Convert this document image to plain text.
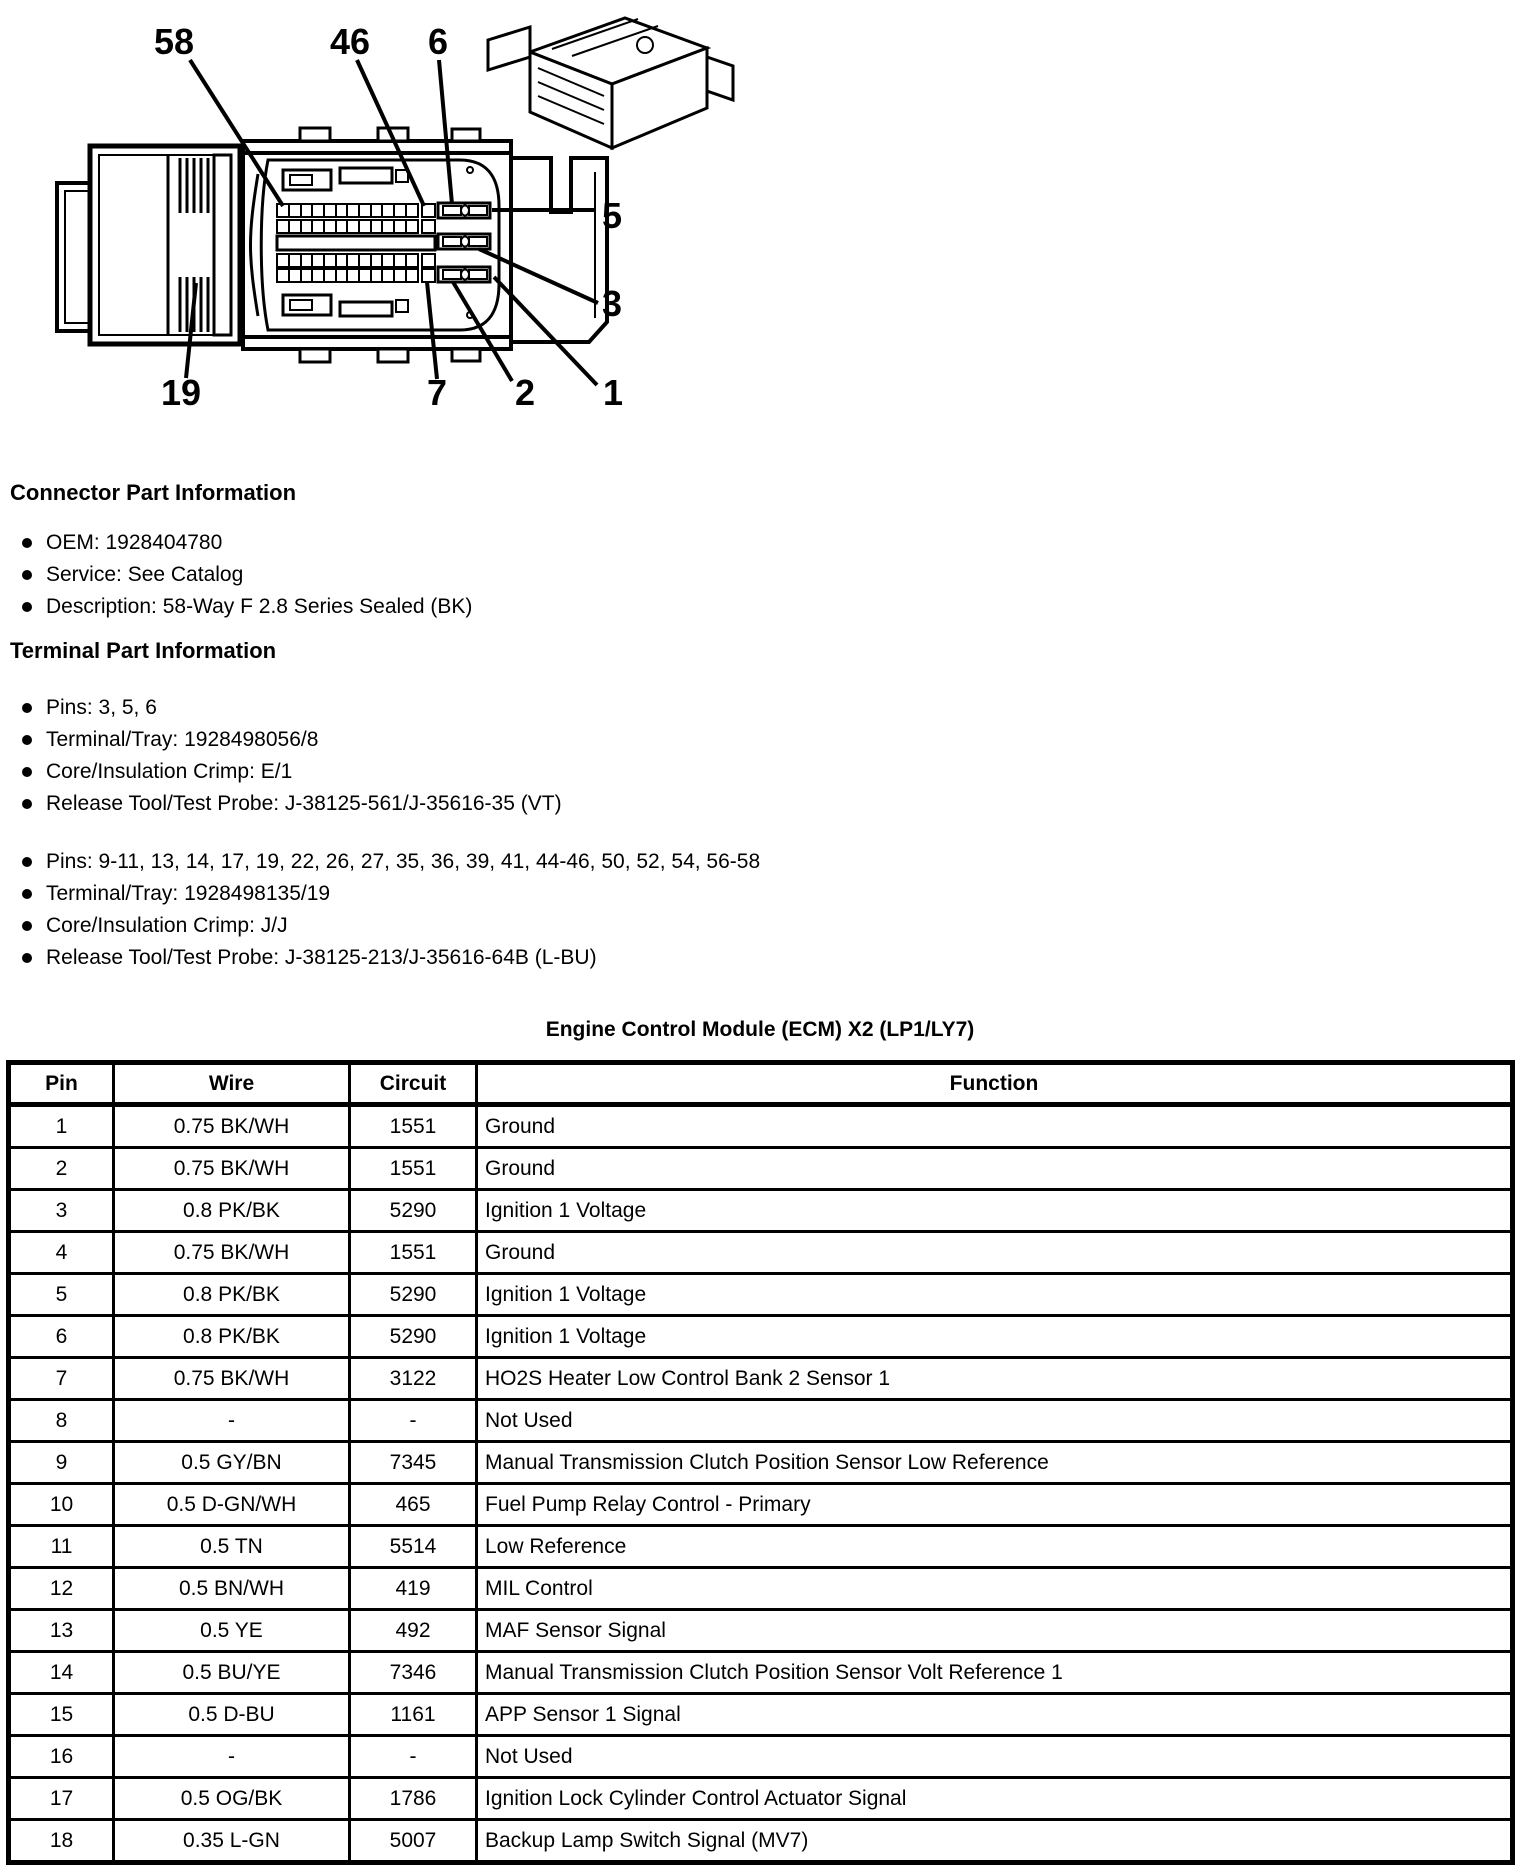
58	46 6
5
3
19	7 2 1
Connector Part Information
OEM: 1928404780
Service: See Catalog
Description: 58-Way F 2.8 Series Sealed (BK)
Terminal Part Information
Pins: 3, 5, 6
Terminal/Tray: 1928498056/8
Core/Insulation Crimp: E/1
Release Tool/Test Probe: J-38125-561/J-35616-35 (VT)
Pins: 9-11, 13, 14, 17, 19, 22, 26, 27, 35, 36, 39, 41, 44-46, 50, 52, 54, 56-58
Terminal/Tray: 1928498135/19
Core/Insulation Crimp: J/J
Release Tool/Test Probe: J-38125-213/J-35616-64B (L-BU)
Engine Control Module (ECM) X2 (LP1/LY7)
Pin	Wire	Circuit	Function
1	0.75 BK/WH	1551	Ground
2	0.75 BK/WH	1551	Ground
3	0.8 PK/BK	5290	Ignition 1 Voltage
4	0.75 BK/WH	1551	Ground
5	0.8 PK/BK	5290	Ignition 1 Voltage
6	0.8 PK/BK	5290	Ignition 1 Voltage
7	0.75 BK/WH	3122	HO2S Heater Low Control Bank 2 Sensor 1
8	-	-	Not Used
9	0.5 GY/BN	7345	Manual Transmission Clutch Position Sensor Low Reference
10	0.5 D-GN/WH	465	Fuel Pump Relay Control - Primary
11	0.5 TN	5514	Low Reference
12	0.5 BN/WH	419	MIL Control
13	0.5 YE	492	MAF Sensor Signal
14	0.5 BU/YE	7346	Manual Transmission Clutch Position Sensor Volt Reference 1
15	0.5 D-BU	1161	APP Sensor 1 Signal
16	-	-	Not Used
17	0.5 OG/BK	1786	Ignition Lock Cylinder Control Actuator Signal
18	0.35 L-GN	5007	Backup Lamp Switch Signal (MV7)
